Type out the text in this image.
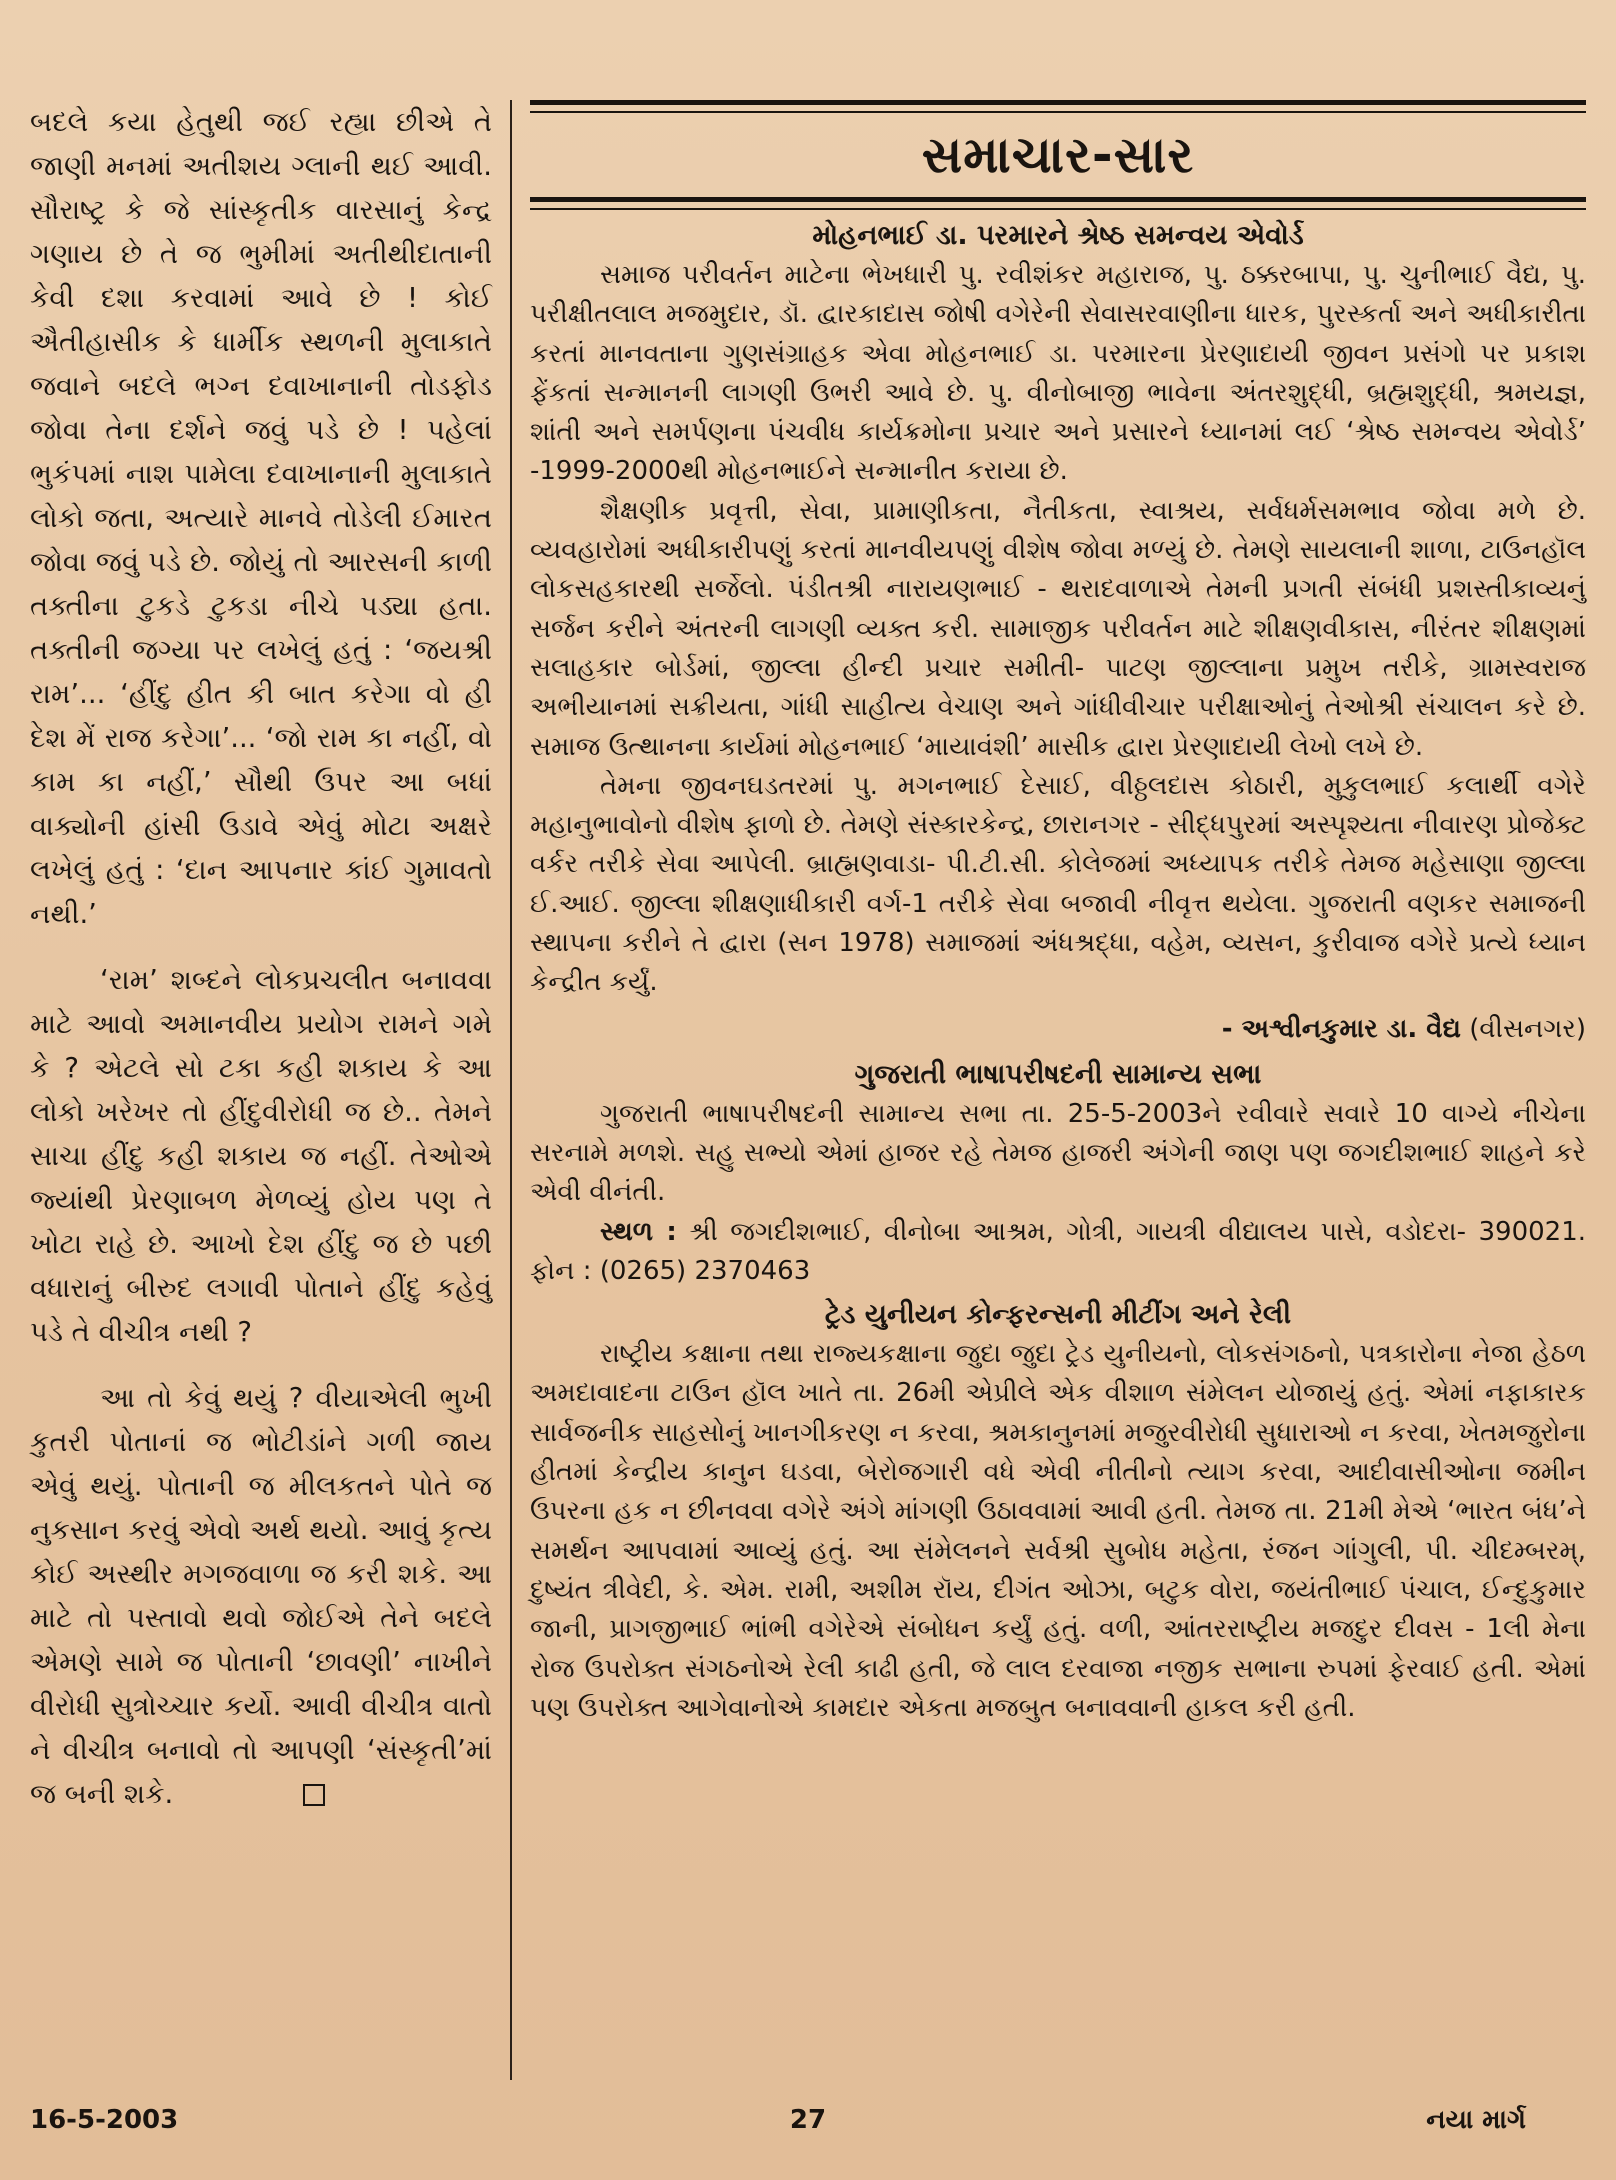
બદલે કયા હેતુથી જઈ રહ્યા છીએ તે જાણી મનમાં અતીશય ગ્લાની થઈ આવી. સૌરાષ્ટ્ર કે જે સાંસ્કૃતીક વારસાનું કેન્દ્ર ગણાય છે તે જ ભુમીમાં અતીથીદાતાની કેવી દશા કરવામાં આવે છે ! કોઈ ઐતીહાસીક કે ધાર્મીક સ્થળની મુલાકાતે જવાને બદલે ભગ્ન દવાખાનાની તોડફોડ જોવા તેના દર્શને જવું પડે છે ! પહેલાં ભુકંપમાં નાશ પામેલા દવાખાનાની મુલાકાતે લોકો જતા, અત્યારે માનવે તોડેલી ઈમારત જોવા જવું પડે છે. જોયું તો આરસની કાળી તક્તીના ટુકડે ટુકડા નીચે પડ્યા હતા. તક્તીની જગ્યા પર લખેલું હતું : ‘જયશ્રી રામ’... ‘હીંદુ હીત કી બાત કરેગા વો હી દેશ મેં રાજ કરેગા’... ‘જો રામ કા નહીં, વો કામ કા નહીં,’ સૌથી ઉપર આ બધાં વાક્યોની હાંસી ઉડાવે એવું મોટા અક્ષરે લખેલું હતું : ‘દાન આપનાર કાંઈ ગુમાવતો નથી.’

‘રામ’ શબ્દને લોકપ્રચલીત બનાવવા માટે આવો અમાનવીય પ્રયોગ રામને ગમે કે ? એટલે સો ટકા કહી શકાય કે આ લોકો ખરેખર તો હીંદુવીરોધી જ છે.. તેમને સાચા હીંદુ કહી શકાય જ નહીં. તેઓએ જ્યાંથી પ્રેરણાબળ મેળવ્યું હોય પણ તે ખોટા રાહે છે. આખો દેશ હીંદુ જ છે પછી વધારાનું બીરુદ લગાવી પોતાને હીંદુ કહેવું પડે તે વીચીત્ર નથી ?

આ તો કેવું થયું ? વીયાએલી ભુખી કુતરી પોતાનાં જ ભોટીડાંને ગળી જાય એવું થયું. પોતાની જ મીલકતને પોતે જ નુકસાન કરવું એવો અર્થ થયો. આવું કૃત્ય કોઈ અસ્થીર મગજવાળા જ કરી શકે. આ માટે તો પસ્તાવો થવો જોઈએ તેને બદલે એમણે સામે જ પોતાની ‘છાવણી’ નાખીને વીરોધી સુત્રોચ્ચાર કર્યો. આવી વીચીત્ર વાતો ને વીચીત્ર બનાવો તો આપણી ‘સંસ્કૃતી’માં જ બની શકે.

સમાચાર-સાર
મોહનભાઈ ડા. પરમારને શ્રેષ્ઠ સમન્વય એવોર્ડ

સમાજ પરીવર્તન માટેના ભેખધારી પુ. રવીશંકર મહારાજ, પુ. ઠક્કરબાપા, પુ. ચુનીભાઈ વૈદ્ય, પુ. પરીક્ષીતલાલ મજમુદાર, ડૉ. દ્વારકાદાસ જોષી વગેરેની સેવાસરવાણીના ધારક, પુરસ્કર્તા અને અધીકારીતા કરતાં માનવતાના ગુણસંગ્રાહક એવા મોહનભાઈ ડા. પરમારના પ્રેરણાદાયી જીવન પ્રસંગો પર પ્રકાશ ફેંકતાં સન્માનની લાગણી ઉભરી આવે છે. પુ. વીનોબાજી ભાવેના અંતરશુદ્ધી, બ્રહ્મશુદ્ધી, શ્રમયજ્ઞ, શાંતી અને સમર્પણના પંચવીધ કાર્યક્રમોના પ્રચાર અને પ્રસારને ધ્યાનમાં લઈ ‘શ્રેષ્ઠ સમન્વય એવોર્ડ’ -1999-2000થી મોહનભાઈને સન્માનીત કરાયા છે.

શૈક્ષણીક પ્રવૃત્તી, સેવા, પ્રામાણીકતા, નૈતીકતા, સ્વાશ્રય, સર્વધર્મસમભાવ જોવા મળે છે. વ્યવહારોમાં અધીકારીપણું કરતાં માનવીયપણું વીશેષ જોવા મળ્યું છે. તેમણે સાયલાની શાળા, ટાઉનહૉલ લોકસહકારથી સર્જેલો. પંડીતશ્રી નારાયણભાઈ - થરાદવાળાએ તેમની પ્રગતી સંબંધી પ્રશસ્તીકાવ્યનું સર્જન કરીને અંતરની લાગણી વ્યક્ત કરી. સામાજીક પરીવર્તન માટે શીક્ષણવીકાસ, નીરંતર શીક્ષણમાં સલાહકાર બોર્ડમાં, જીલ્લા હીન્દી પ્રચાર સમીતી- પાટણ જીલ્લાના પ્રમુખ તરીકે, ગ્રામસ્વરાજ અભીયાનમાં સક્રીયતા, ગાંધી સાહીત્ય વેચાણ અને ગાંધીવીચાર પરીક્ષાઓનું તેઓશ્રી સંચાલન કરે છે. સમાજ ઉત્થાનના કાર્યમાં મોહનભાઈ ‘માયાવંશી’ માસીક દ્વારા પ્રેરણાદાયી લેખો લખે છે.

તેમના જીવનઘડતરમાં પુ. મગનભાઈ દેસાઈ, વીઠ્ઠલદાસ કોઠારી, મુકુલભાઈ કલાર્થી વગેરે મહાનુભાવોનો વીશેષ ફાળો છે. તેમણે સંસ્કારકેન્દ્ર, છારાનગર - સીદ્ધપુરમાં અસ્પૃશ્યતા નીવારણ પ્રોજેક્ટ વર્કર તરીકે સેવા આપેલી. બ્રાહ્મણવાડા- પી.ટી.સી. કોલેજમાં અધ્યાપક તરીકે તેમજ મહેસાણા જીલ્લા ઈ.આઈ. જીલ્લા શીક્ષણાધીકારી વર્ગ-1 તરીકે સેવા બજાવી નીવૃત્ત થયેલા. ગુજરાતી વણકર સમાજની સ્થાપના કરીને તે દ્વારા (સન 1978) સમાજમાં અંધશ્રદ્ધા, વહેમ, વ્યસન, કુરીવાજ વગેરે પ્રત્યે ધ્યાન કેન્દ્રીત કર્યું.

- અશ્વીનકુમાર ડા. વૈદ્ય (વીસનગર)
ગુજરાતી ભાષાપરીષદની સામાન્ય સભા

ગુજરાતી ભાષાપરીષદની સામાન્ય સભા તા. 25-5-2003ને રવીવારે સવારે 10 વાગ્યે નીચેના સરનામે મળશે. સહુ સભ્યો એમાં હાજર રહે તેમજ હાજરી અંગેની જાણ પણ જગદીશભાઈ શાહને કરે એવી વીનંતી.

સ્થળ : શ્રી જગદીશભાઈ, વીનોબા આશ્રમ, ગોત્રી, ગાયત્રી વીદ્યાલય પાસે, વડોદરા- 390021. ફોન : (0265) 2370463

ટ્રેડ યુનીયન કોન્ફરન્સની મીટીંગ અને રેલી

રાષ્ટ્રીય કક્ષાના તથા રાજ્યકક્ષાના જુદા જુદા ટ્રેડ યુનીયનો, લોકસંગઠનો, પત્રકારોના નેજા હેઠળ અમદાવાદના ટાઉન હૉલ ખાતે તા. 26મી એપ્રીલે એક વીશાળ સંમેલન યોજાયું હતું. એમાં નફાકારક સાર્વજનીક સાહસોનું ખાનગીકરણ ન કરવા, શ્રમકાનુનમાં મજુરવીરોધી સુધારાઓ ન કરવા, ખેતમજુરોના હીતમાં કેન્દ્રીય કાનુન ઘડવા, બેરોજગારી વધે એવી નીતીનો ત્યાગ કરવા, આદીવાસીઓના જમીન ઉપરના હક ન છીનવવા વગેરે અંગે માંગણી ઉઠાવવામાં આવી હતી. તેમજ તા. 21મી મેએ ‘ભારત બંધ’ને સમર્થન આપવામાં આવ્યું હતું. આ સંમેલનને સર્વશ્રી સુબોધ મહેતા, રંજન ગાંગુલી, પી. ચીદમ્બરમ્, દુષ્યંત ત્રીવેદી, કે. એમ. રામી, અશીમ રૉય, દીગંત ઓઝા, બટુક વોરા, જયંતીભાઈ પંચાલ, ઈન્દુકુમાર જાની, પ્રાગજીભાઈ ભાંભી વગેરેએ સંબોધન કર્યું હતું. વળી, આંતરરાષ્ટ્રીય મજદુર દીવસ - 1લી મેના રોજ ઉપરોક્ત સંગઠનોએ રેલી કાઢી હતી, જે લાલ દરવાજા નજીક સભાના રુપમાં ફેરવાઈ હતી. એમાં પણ ઉપરોક્ત આગેવાનોએ કામદાર એકતા મજબુત બનાવવાની હાકલ કરી હતી.

16-5-2003	27	નયા માર્ગ
